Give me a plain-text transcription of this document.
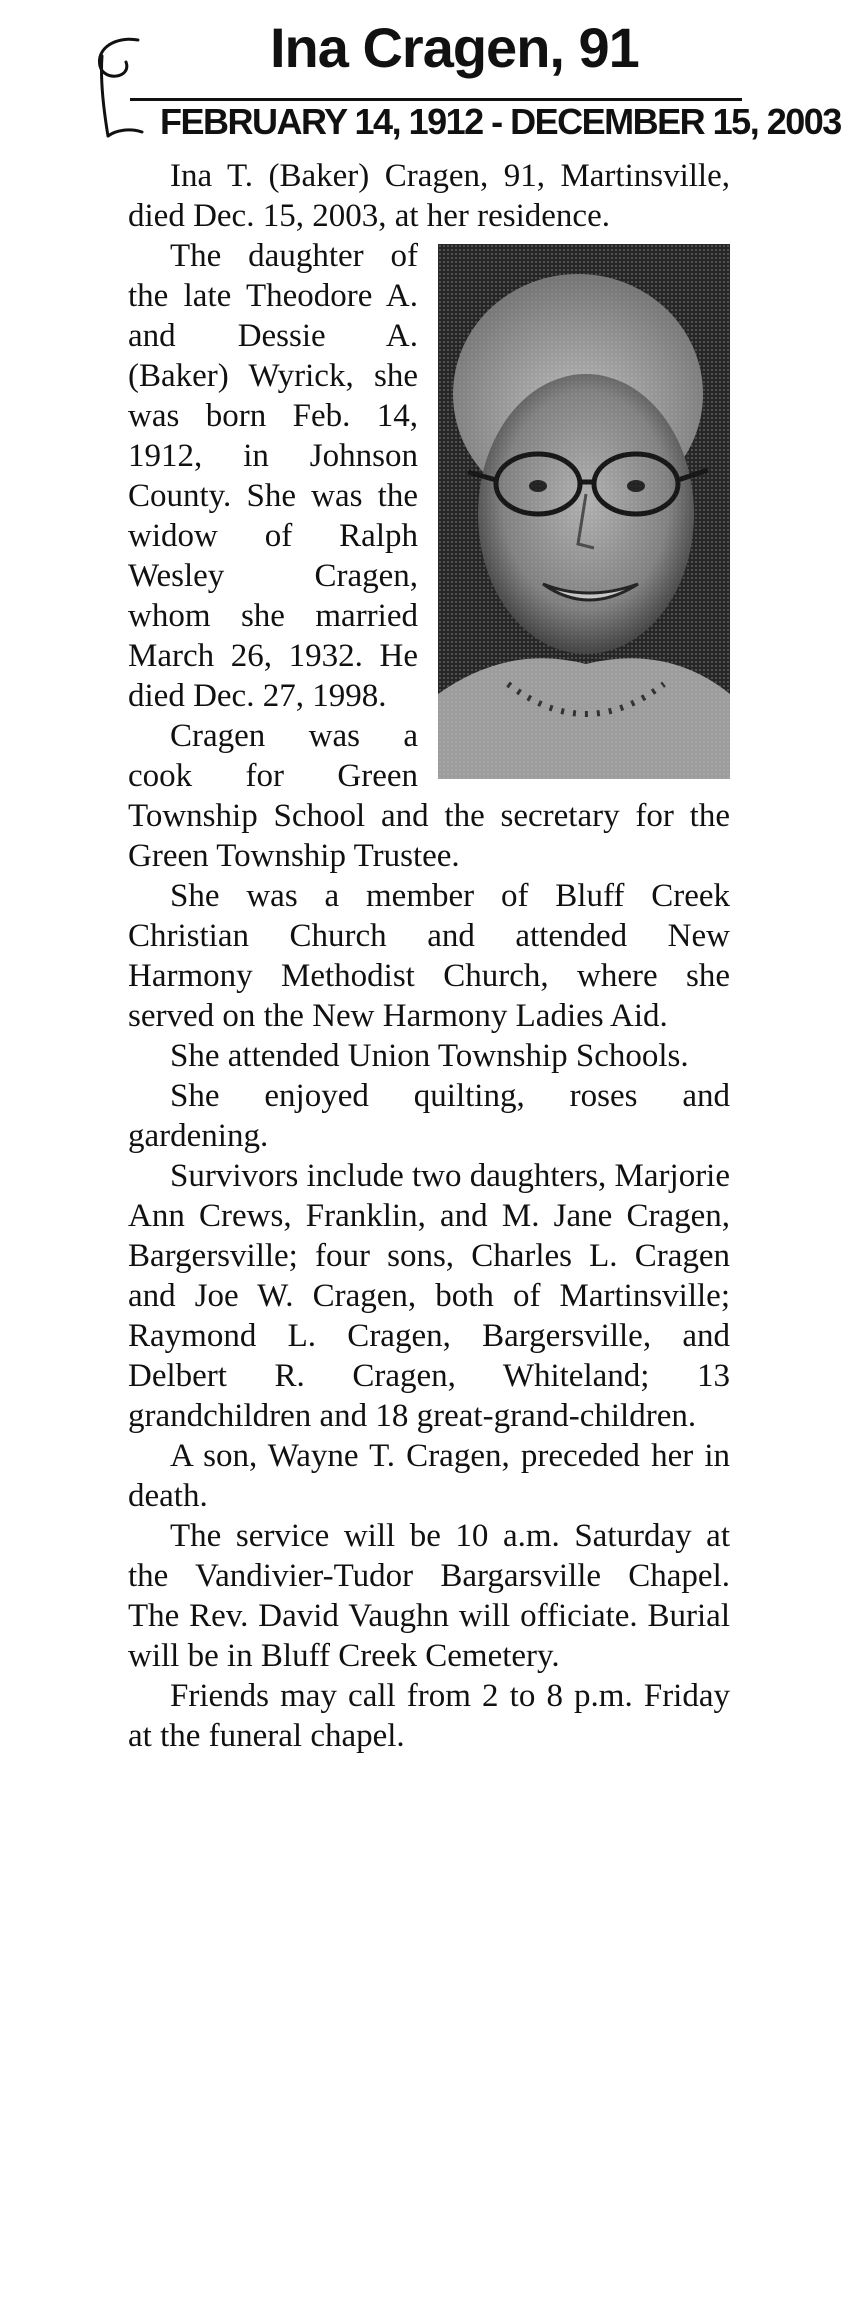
Ina Cragen, 91
FEBRUARY 14, 1912 - DECEMBER 15, 2003

Ina T. (Baker) Cragen, 91, Martinsville, died Dec. 15, 2003, at her residence.

The daughter of the late Theodore A. and Dessie A. (Baker) Wyrick, she was born Feb. 14, 1912, in Johnson County. She was the widow of Ralph Wesley Cragen, whom she married March 26, 1932. He died Dec. 27, 1998.

Cragen was a cook for Green Township School and the secretary for the Green Township Trustee.

She was a member of Bluff Creek Christian Church and attended New Harmony Methodist Church, where she served on the New Harmony Ladies Aid.

She attended Union Township Schools.

She enjoyed quilting, roses and gardening.

Survivors include two daughters, Marjorie Ann Crews, Franklin, and M. Jane Cragen, Bargersville; four sons, Charles L. Cragen and Joe W. Cragen, both of Martinsville; Raymond L. Cragen, Bargersville, and Delbert R. Cragen, Whiteland; 13 grandchildren and 18 great-grand-children.

A son, Wayne T. Cragen, preceded her in death.

The service will be 10 a.m. Saturday at the Vandivier-Tudor Bargarsville Chapel. The Rev. David Vaughn will officiate. Burial will be in Bluff Creek Cemetery.

Friends may call from 2 to 8 p.m. Friday at the funeral chapel.
